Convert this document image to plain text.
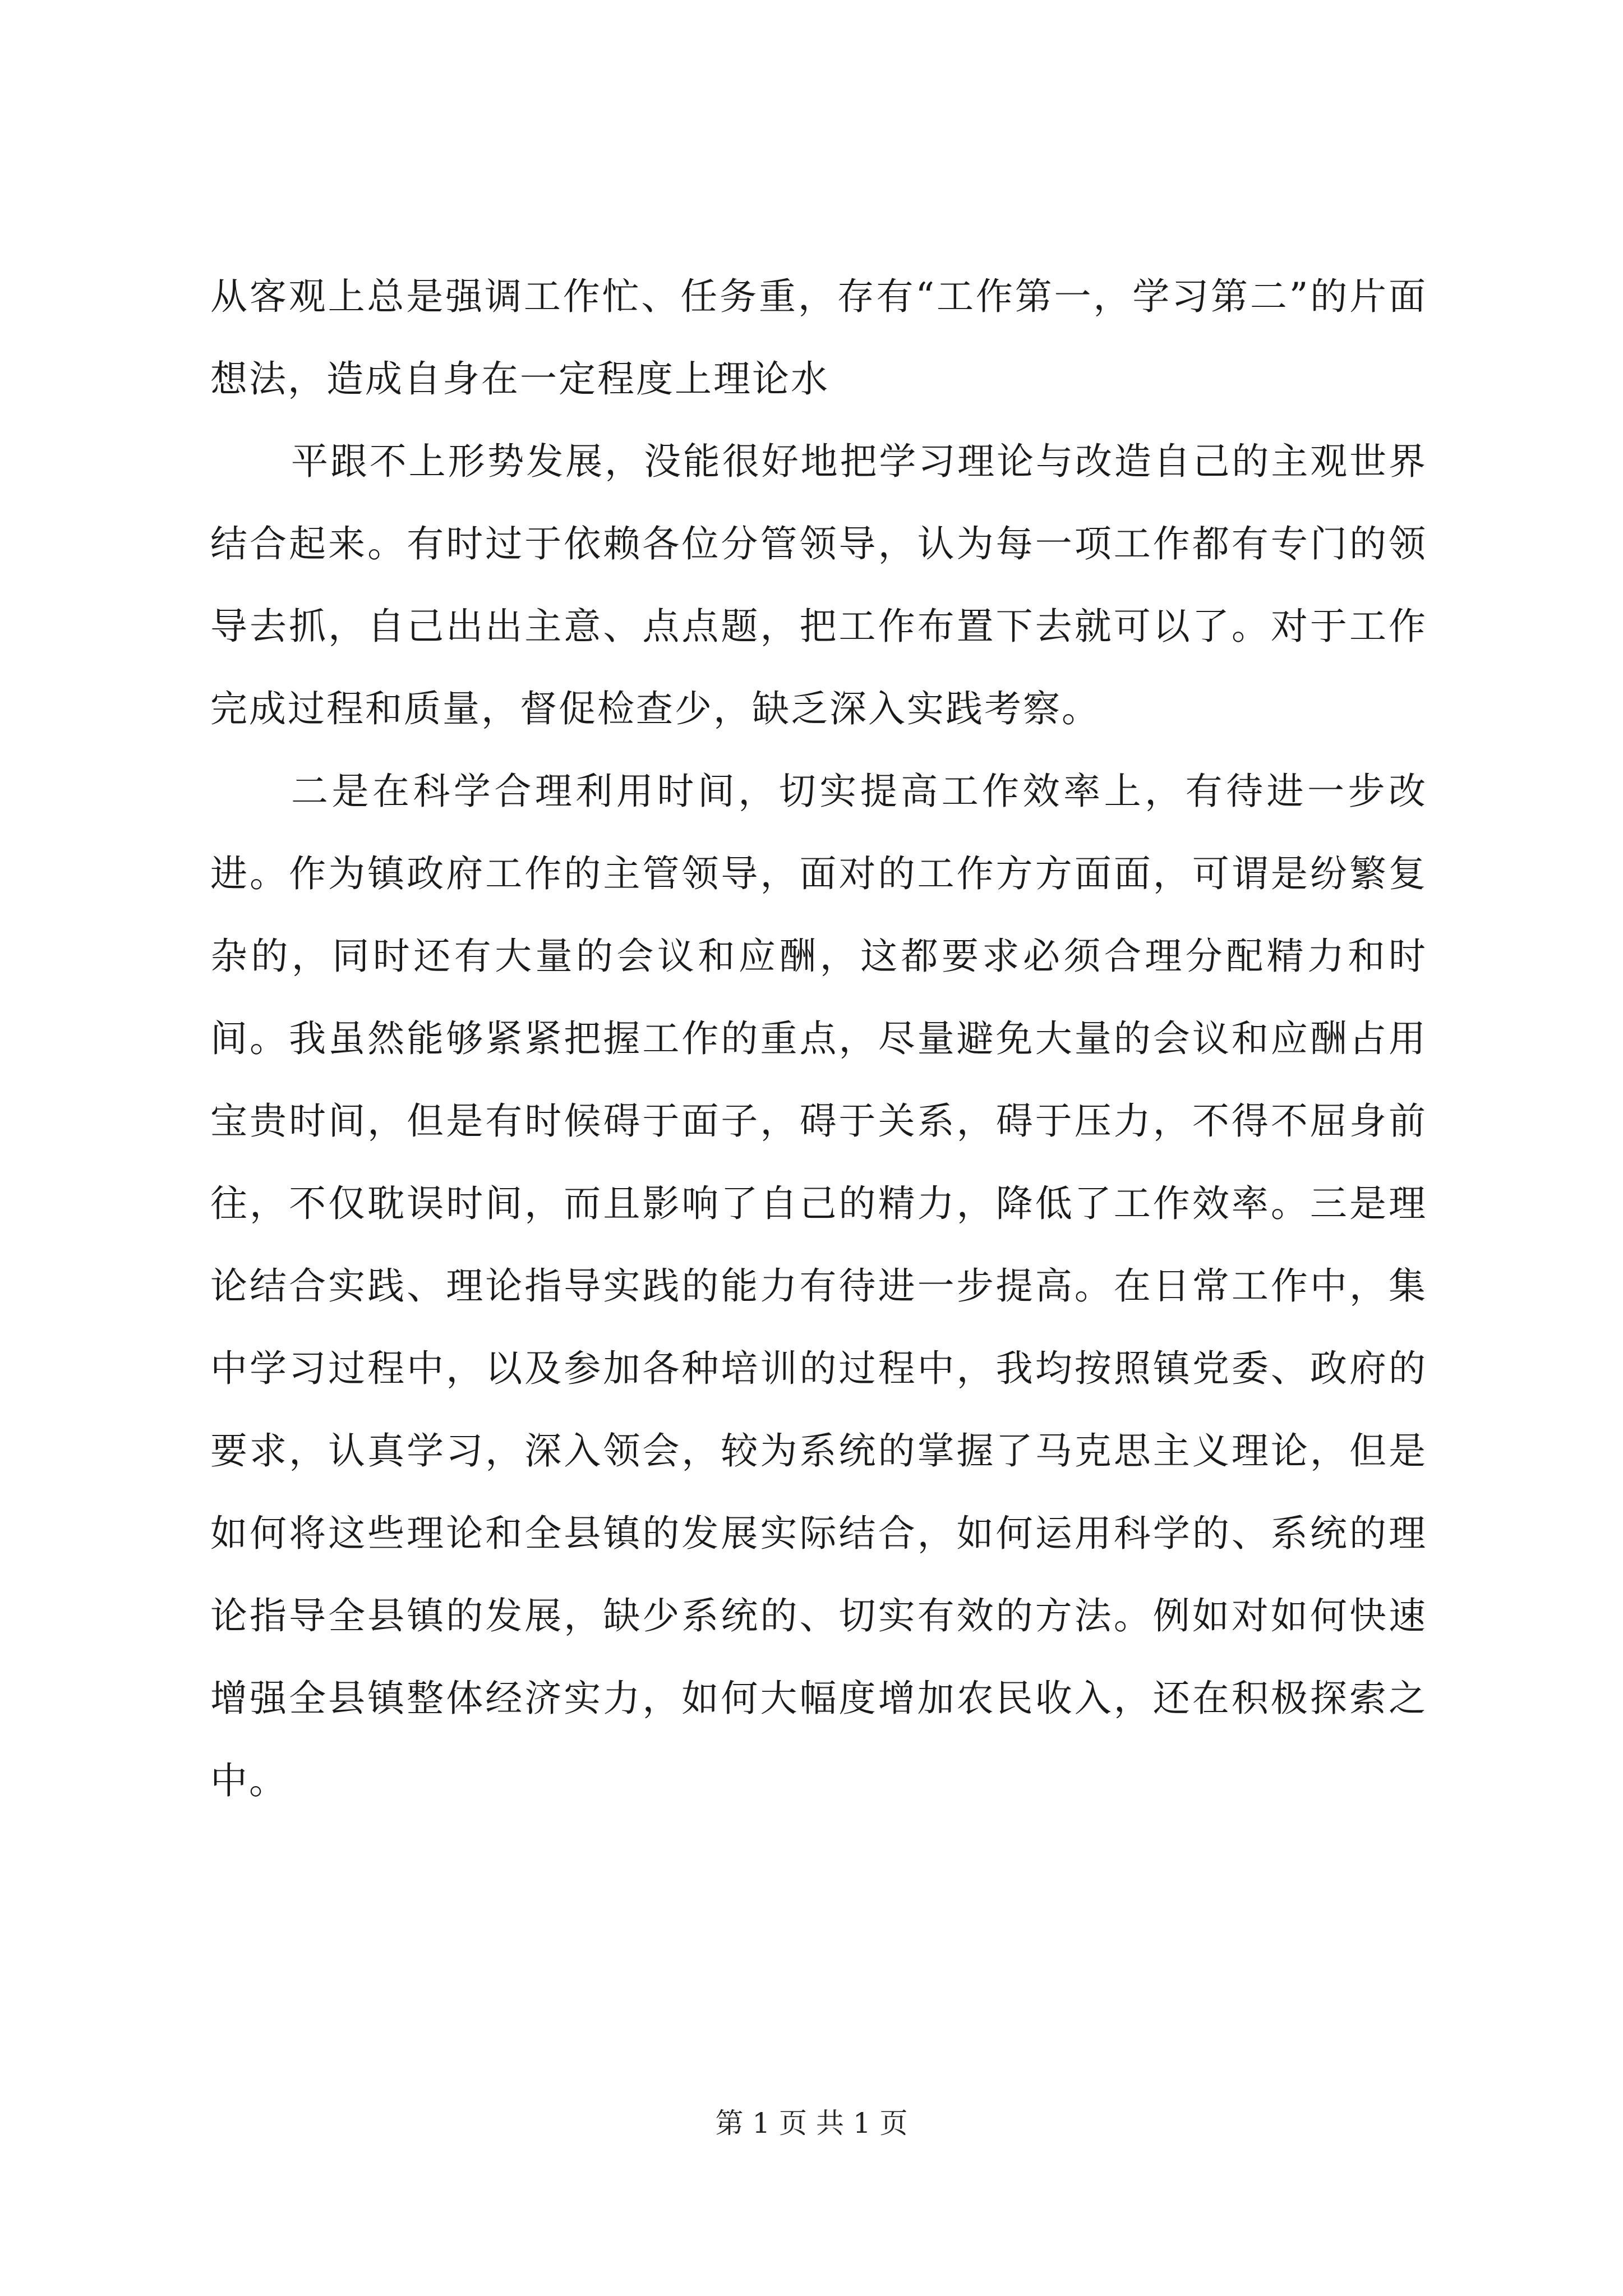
从客观上总是强调工作忙、任务重，存有“工作第一，学习第二”的片面想法，造成自身在一定程度上理论水

平跟不上形势发展，没能很好地把学习理论与改造自己的主观世界结合起来。有时过于依赖各位分管领导，认为每一项工作都有专门的领导去抓，自己出出主意、点点题，把工作布置下去就可以了。对于工作完成过程和质量，督促检查少，缺乏深入实践考察。

二是在科学合理利用时间，切实提高工作效率上，有待进一步改进。作为镇政府工作的主管领导，面对的工作方方面面，可谓是纷繁复杂的，同时还有大量的会议和应酬，这都要求必须合理分配精力和时间。我虽然能够紧紧把握工作的重点，尽量避免大量的会议和应酬占用宝贵时间，但是有时候碍于面子，碍于关系，碍于压力，不得不屈身前往，不仅耽误时间，而且影响了自己的精力，降低了工作效率。三是理论结合实践、理论指导实践的能力有待进一步提高。在日常工作中，集中学习过程中，以及参加各种培训的过程中，我均按照镇党委、政府的要求，认真学习，深入领会，较为系统的掌握了马克思主义理论，但是如何将这些理论和全县镇的发展实际结合，如何运用科学的、系统的理论指导全县镇的发展，缺少系统的、切实有效的方法。例如对如何快速增强全县镇整体经济实力，如何大幅度增加农民收入，还在积极探索之中。

第 1 页 共 1 页
